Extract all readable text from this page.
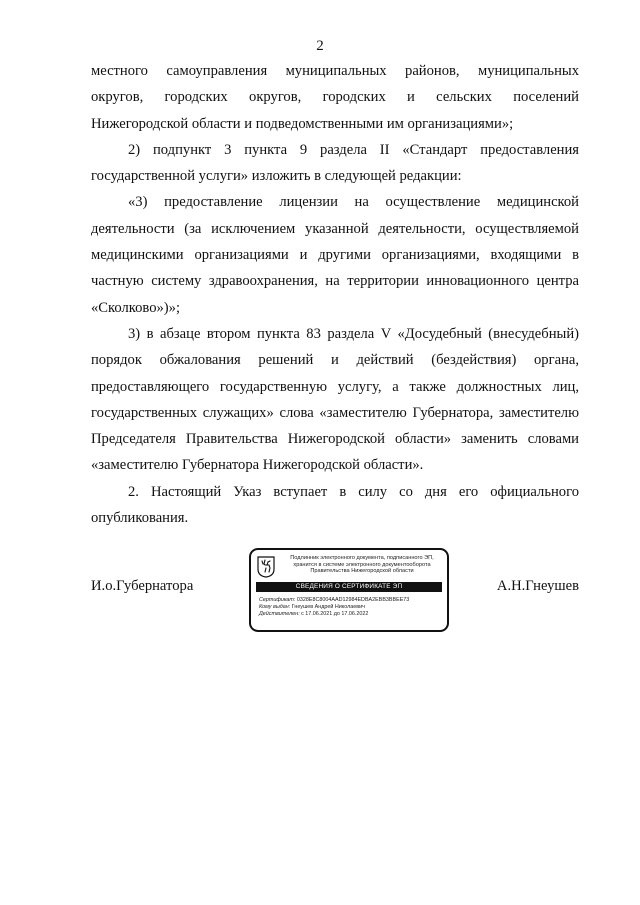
2

местного самоуправления муниципальных районов, муниципальных
округов, городских округов, городских и сельских поселений
Нижегородской области и подведомственными им организациями»;

2) подпункт 3 пункта 9 раздела II «Стандарт предоставления государственной услуги» изложить в следующей редакции:

«3) предоставление лицензии на осуществление медицинской деятельности (за исключением указанной деятельности, осуществляемой медицинскими организациями и другими организациями, входящими в частную систему здравоохранения, на территории инновационного центра «Сколково»)»;

3) в абзаце втором пункта 83 раздела V «Досудебный (внесудебный) порядок обжалования решений и действий (бездействия) органа, предоставляющего государственную услугу, а также должностных лиц, государственных служащих» слова «заместителю Губернатора, заместителю Председателя Правительства Нижегородской области» заменить словами «заместителю Губернатора Нижегородской области».

2. Настоящий Указ вступает в силу со дня его официального опубликования.

И.о.Губернатора
Подлинник электронного документа, подписанного ЭП,
хранится в системе электронного документооборота
Правительства Нижегородской области
СВЕДЕНИЯ О СЕРТИФИКАТЕ ЭП
Сертификат: 0328E8C8004AAD12984EDBA2EBB3BBEE73
Кому выдан: Гнеушев Андрей Николаевич
Действителен: с 17.06.2021 до 17.06.2022
А.Н.Гнеушев
